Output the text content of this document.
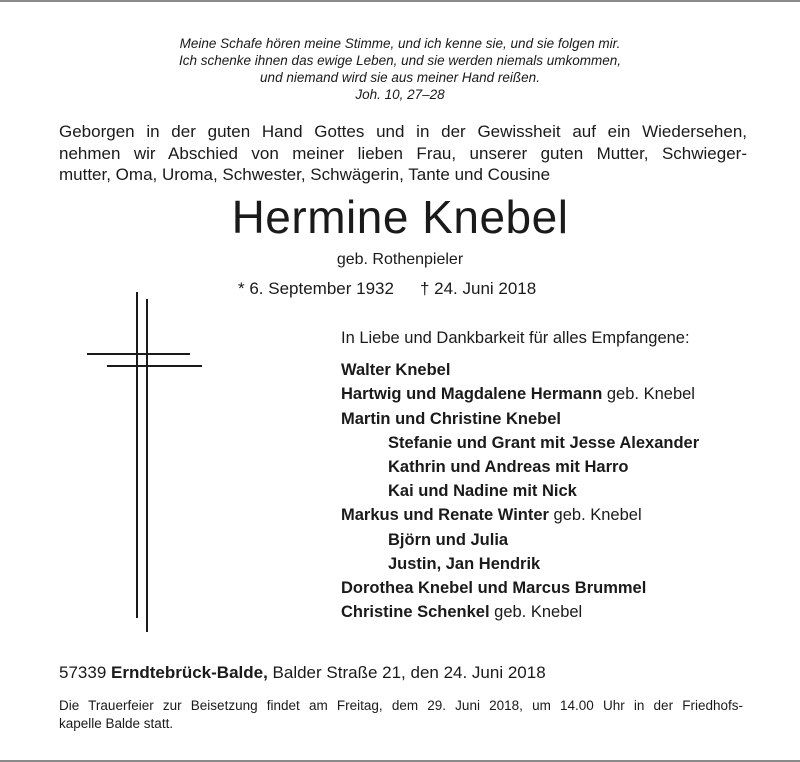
Meine Schafe hören meine Stimme, und ich kenne sie, und sie folgen mir.
Ich schenke ihnen das ewige Leben, und sie werden niemals umkommen,
und niemand wird sie aus meiner Hand reißen.
Joh. 10, 27–28
Geborgen in der guten Hand Gottes und in der Gewissheit auf ein Wiedersehen,
nehmen wir Abschied von meiner lieben Frau, unserer guten Mutter, Schwieger-
mutter, Oma, Uroma, Schwester, Schwägerin, Tante und Cousine
Hermine Knebel
geb. Rothenpieler
* 6. September 1932 † 24. Juni 2018
In Liebe und Dankbarkeit für alles Empfangene:
Walter Knebel
Hartwig und Magdalene Hermann geb. Knebel
Martin und Christine Knebel
Stefanie und Grant mit Jesse Alexander
Kathrin und Andreas mit Harro
Kai und Nadine mit Nick
Markus und Renate Winter geb. Knebel
Björn und Julia
Justin, Jan Hendrik
Dorothea Knebel und Marcus Brummel
Christine Schenkel geb. Knebel
57339 Erndtebrück-Balde, Balder Straße 21, den 24. Juni 2018
Die Trauerfeier zur Beisetzung findet am Freitag, dem 29. Juni 2018, um 14.00 Uhr in der Friedhofs-
kapelle Balde statt.
